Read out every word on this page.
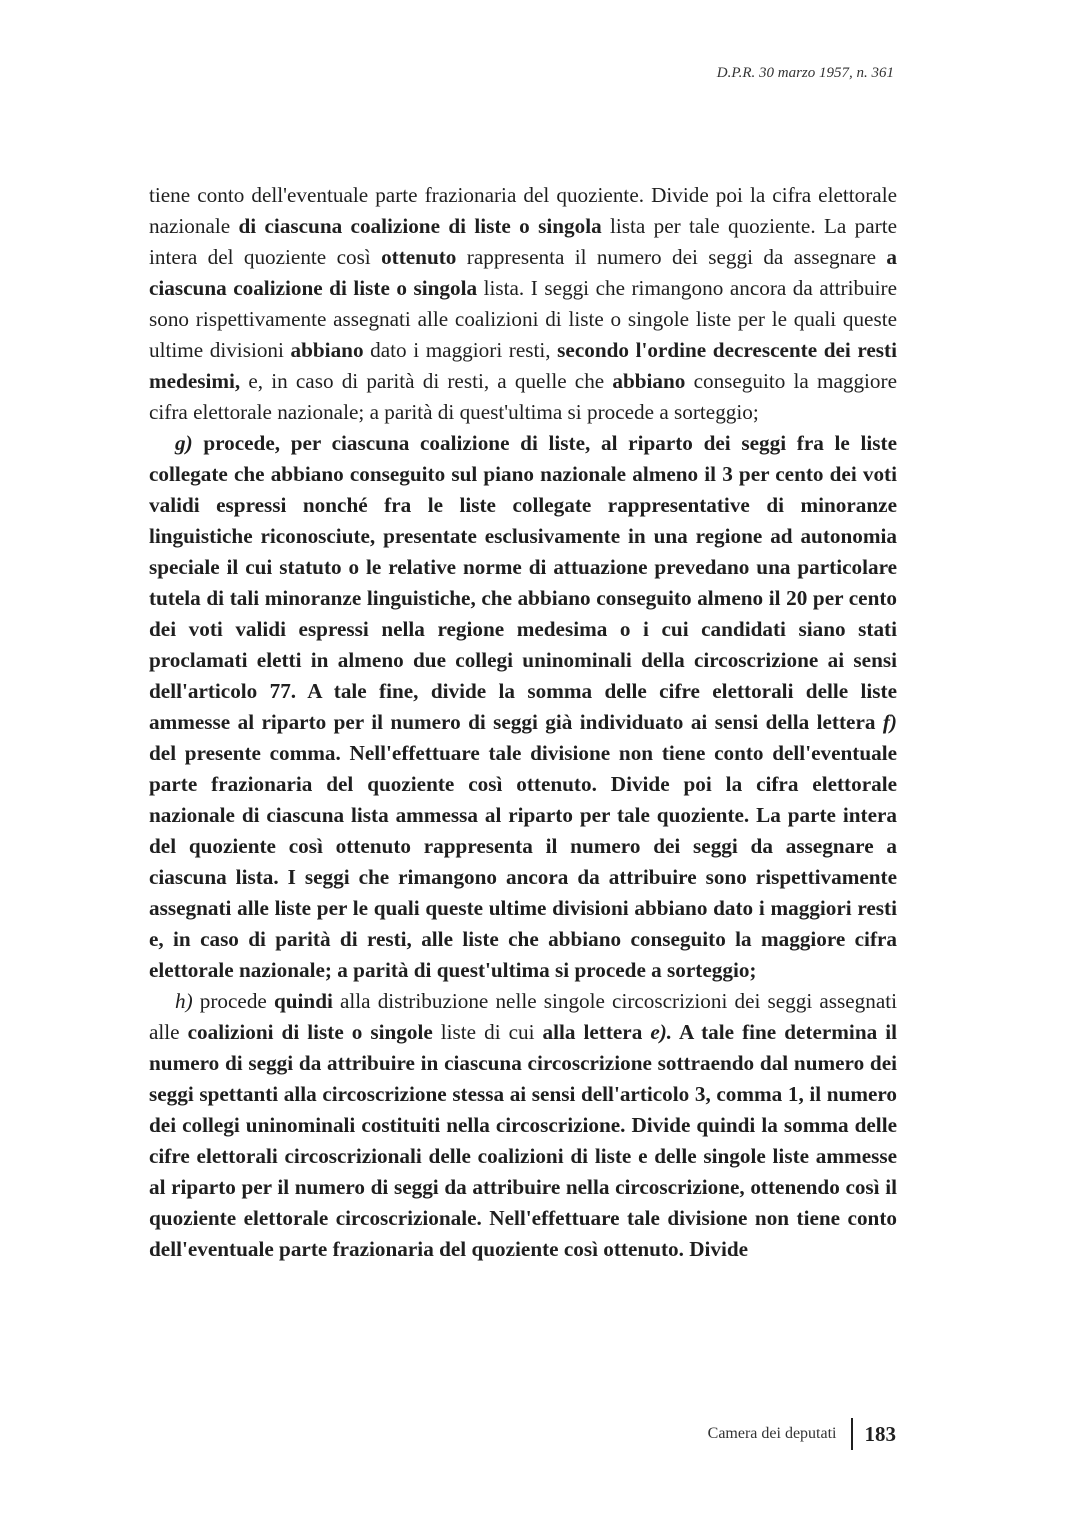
D.P.R. 30 marzo 1957, n. 361

tiene conto dell'eventuale parte frazionaria del quoziente. Divide poi la cifra elettorale nazionale di ciascuna coalizione di liste o singola lista per tale quoziente. La parte intera del quoziente così ottenuto rappresenta il numero dei seggi da assegnare a ciascuna coalizione di liste o singola lista. I seggi che rimangono ancora da attribuire sono rispettivamente assegnati alle coalizioni di liste o singole liste per le quali queste ultime divisioni abbiano dato i maggiori resti, secondo l'ordine decrescente dei resti medesimi, e, in caso di parità di resti, a quelle che abbiano conseguito la maggiore cifra elettorale nazionale; a parità di quest'ultima si procede a sorteggio;

g) procede, per ciascuna coalizione di liste, al riparto dei seggi fra le liste collegate che abbiano conseguito sul piano nazionale almeno il 3 per cento dei voti validi espressi nonché fra le liste collegate rappresentative di minoranze linguistiche riconosciute, presentate esclusivamente in una regione ad autonomia speciale il cui statuto o le relative norme di attuazione prevedano una particolare tutela di tali minoranze linguistiche, che abbiano conseguito almeno il 20 per cento dei voti validi espressi nella regione medesima o i cui candidati siano stati proclamati eletti in almeno due collegi uninominali della circoscrizione ai sensi dell'articolo 77. A tale fine, divide la somma delle cifre elettorali delle liste ammesse al riparto per il numero di seggi già individuato ai sensi della lettera f) del presente comma. Nell'effettuare tale divisione non tiene conto dell'eventuale parte frazionaria del quoziente così ottenuto. Divide poi la cifra elettorale nazionale di ciascuna lista ammessa al riparto per tale quoziente. La parte intera del quoziente così ottenuto rappresenta il numero dei seggi da assegnare a ciascuna lista. I seggi che rimangono ancora da attribuire sono rispettivamente assegnati alle liste per le quali queste ultime divisioni abbiano dato i maggiori resti e, in caso di parità di resti, alle liste che abbiano conseguito la maggiore cifra elettorale nazionale; a parità di quest'ultima si procede a sorteggio;

h) procede quindi alla distribuzione nelle singole circoscrizioni dei seggi assegnati alle coalizioni di liste o singole liste di cui alla lettera e). A tale fine determina il numero di seggi da attribuire in ciascuna circoscrizione sottraendo dal numero dei seggi spettanti alla circoscrizione stessa ai sensi dell'articolo 3, comma 1, il numero dei collegi uninominali costituiti nella circoscrizione. Divide quindi la somma delle cifre elettorali circoscrizionali delle coalizioni di liste e delle singole liste ammesse al riparto per il numero di seggi da attribuire nella circoscrizione, ottenendo così il quoziente elettorale circoscrizionale. Nell'effettuare tale divisione non tiene conto dell'eventuale parte frazionaria del quoziente così ottenuto. Divide

Camera dei deputati	183
